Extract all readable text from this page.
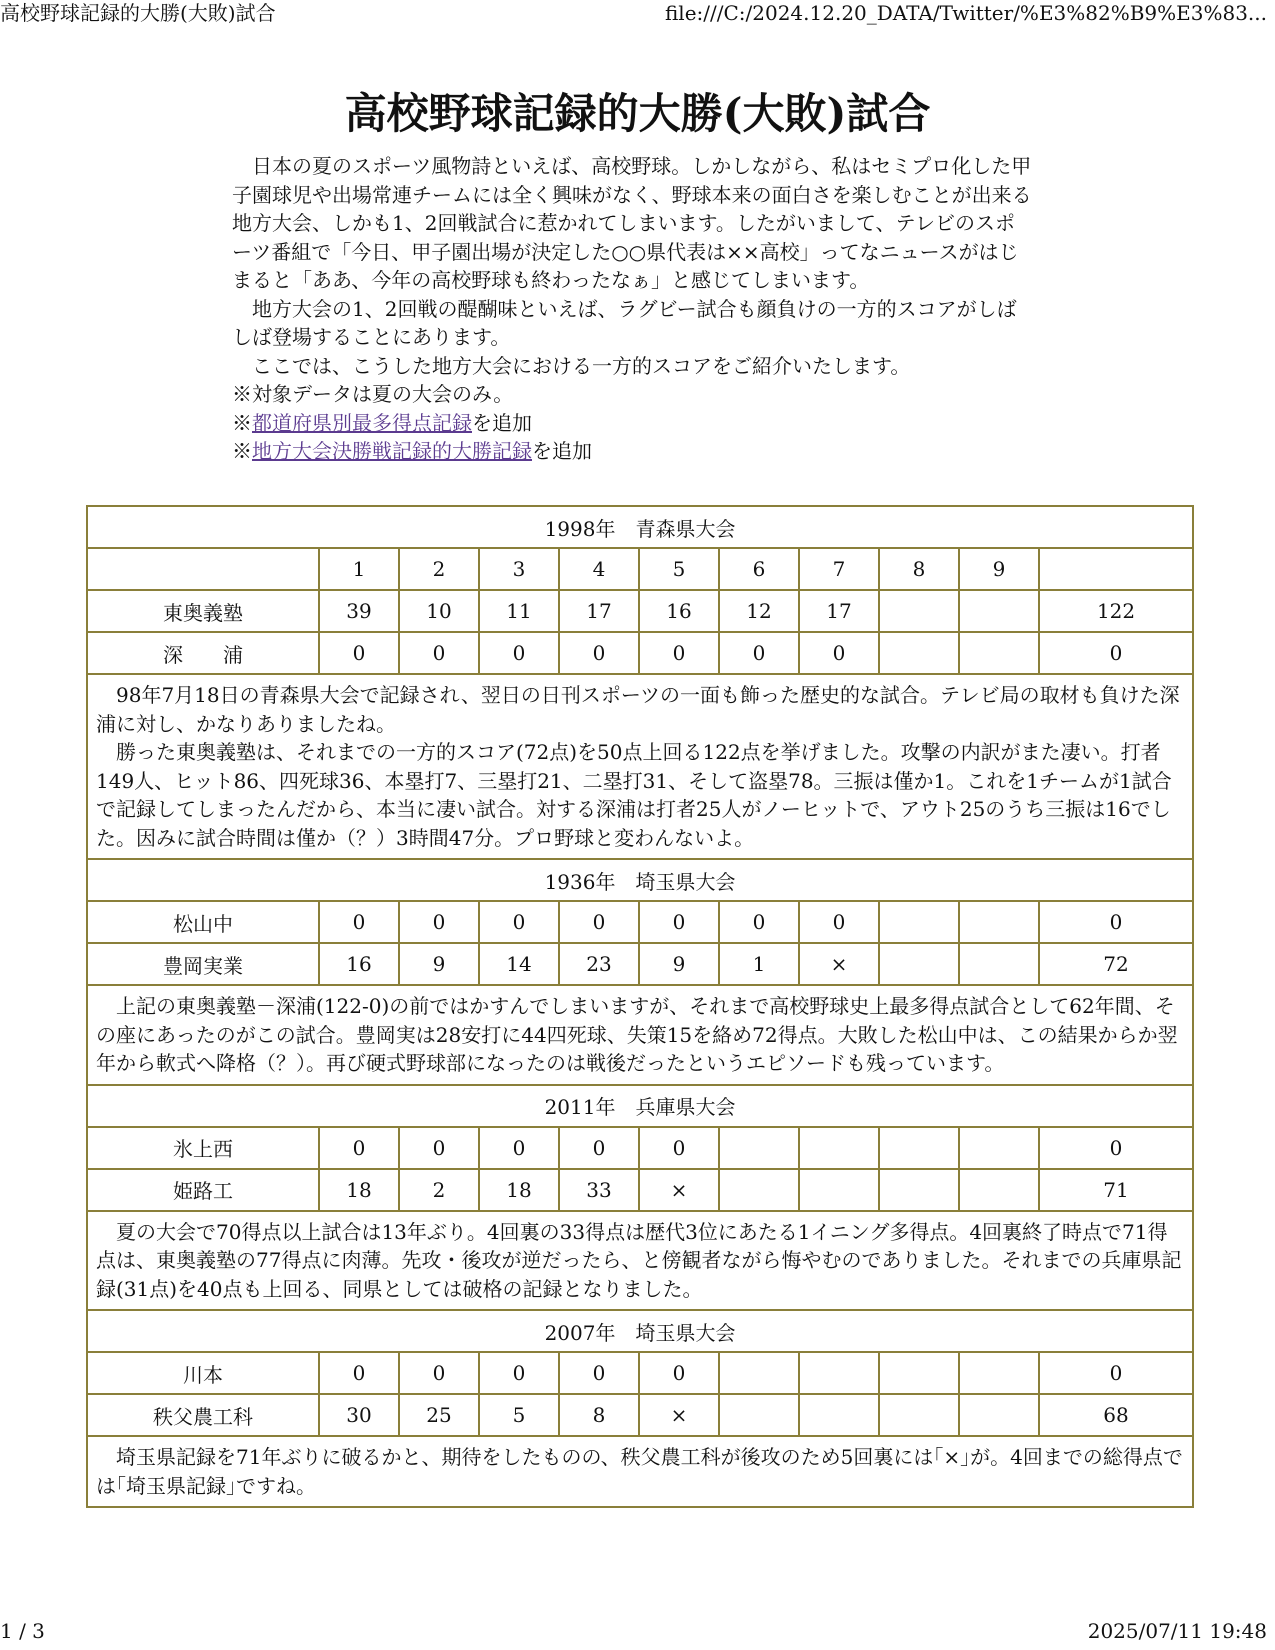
高校野球記録的大勝(大敗)試合	file:///C:/2024.12.20_DATA/Twitter/%E3%82%B9%E3%83...
高校野球記録的大勝(大敗)試合

日本の夏のスポーツ風物詩といえば、高校野球。しかしながら、私はセミプロ化した甲子園球児や出場常連チームには全く興味がなく、野球本来の面白さを楽しむことが出来る地方大会、しかも1、2回戦試合に惹かれてしまいます。したがいまして、テレビのスポーツ番組で「今日、甲子園出場が決定した○○県代表は××高校」ってなニュースがはじまると「ああ、今年の高校野球も終わったなぁ」と感じてしまいます。

地方大会の1、2回戦の醍醐味といえば、ラグビー試合も顔負けの一方的スコアがしばしば登場することにあります。

ここでは、こうした地方大会における一方的スコアをご紹介いたします。

※対象データは夏の大会のみ。
※都道府県別最多得点記録を追加
※地方大会決勝戦記録的大勝記録を追加
1998年　青森県大会										
	1	2	3	4	5	6	7	8	9	
東奥義塾	39	10	11	17	16	12	17			122
深　　浦	0	0	0	0	0	0	0			0

98年7月18日の青森県大会で記録され、翌日の日刊スポーツの一面も飾った歴史的な試合。テレビ局の取材も負けた深浦に対し、かなりありましたね。

勝った東奥義塾は、それまでの一方的スコア(72点)を50点上回る122点を挙げました。攻撃の内訳がまた凄い。打者149人、ヒット86、四死球36、本塁打7、三塁打21、二塁打31、そして盗塁78。三振は僅か1。これを1チームが1試合で記録してしまったんだから、本当に凄い試合。対する深浦は打者25人がノーヒットで、アウト25のうち三振は16でした。因みに試合時間は僅か（？）3時間47分。プロ野球と変わんないよ。										

1936年　埼玉県大会										
松山中	0	0	0	0	0	0	0			0
豊岡実業	16	9	14	23	9	1	×			72

上記の東奥義塾－深浦(122-0)の前ではかすんでしまいますが、それまで高校野球史上最多得点試合として62年間、その座にあったのがこの試合。豊岡実は28安打に44四死球、失策15を絡め72得点。大敗した松山中は、この結果からか翌年から軟式へ降格（？）。再び硬式野球部になったのは戦後だったというエピソードも残っています。										

2011年　兵庫県大会										
氷上西	0	0	0	0	0					0
姫路工	18	2	18	33	×					71

夏の大会で70得点以上試合は13年ぶり。4回裏の33得点は歴代3位にあたる1イニング多得点。4回裏終了時点で71得点は、東奥義塾の77得点に肉薄。先攻・後攻が逆だったら、と傍観者ながら悔やむのでありました。それまでの兵庫県記録(31点)を40点も上回る、同県としては破格の記録となりました。										

2007年　埼玉県大会										
川本	0	0	0	0	0					0
秩父農工科	30	25	5	8	×					68

埼玉県記録を71年ぶりに破るかと、期待をしたものの、秩父農工科が後攻のため5回裏には｢×｣が。4回までの総得点では｢埼玉県記録｣ですね。										

1 / 3	2025/07/11 19:48
